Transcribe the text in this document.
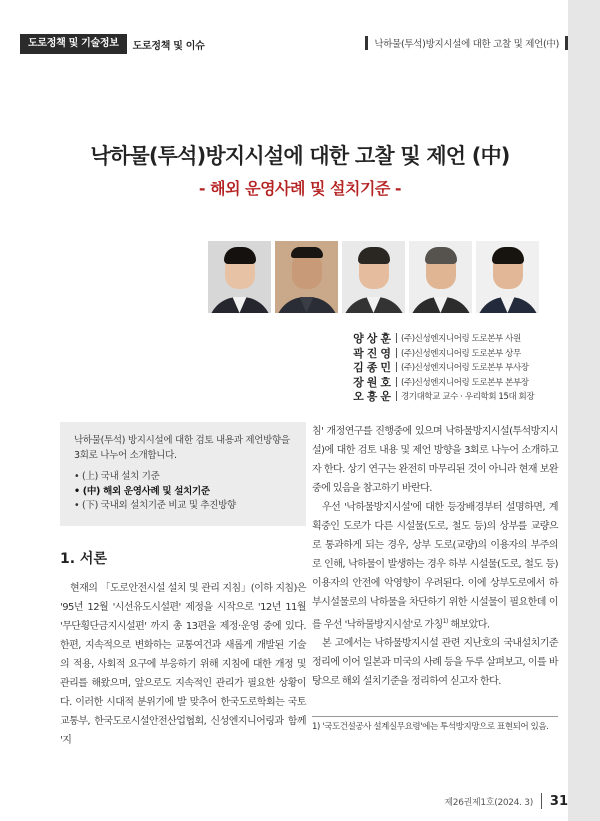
도로정책 및 기술정보	도로정책 및 이슈	낙하물(투석)방지시설에 대한 고찰 및 제언(中)
낙하물(투석)방지시설에 대한 고찰 및 제언 (中)
- 해외 운영사례 및 설치기준 -
양상훈 (주)신성엔지니어링 도로본부 사원
곽진영 (주)신성엔지니어링 도로본부 상무
김종민 (주)신성엔지니어링 도로본부 부사장
장원호 (주)신성엔지니어링 도로본부 본부장
오흥운 경기대학교 교수 · 우리학회 15대 회장

낙하물(투석) 방지시설에 대한 검토 내용과 제언방향을 3회로 나누어 소개합니다.

• (上) 국내 설치 기준
• (中) 해외 운영사례 및 설치기준
• (下) 국내외 설치기준 비교 및 추진방향
1. 서론

현재의 「도로안전시설 설치 및 관리 지침」(이하 지침)은 '95년 12월 '시선유도시설편' 제정을 시작으로 '12년 11월 '무단횡단금지시설편' 까지 총 13편을 제정·운영 중에 있다. 한편, 지속적으로 변화하는 교통여건과 새롭게 개발된 기술의 적용, 사회적 요구에 부응하기 위해 지침에 대한 개정 및 관리를 해왔으며, 앞으로도 지속적인 관리가 필요한 상황이다. 이러한 시대적 분위기에 발 맞추어 한국도로학회는 국토교통부, 한국도로시설안전산업협회, 신성엔지니어링과 함께 '지

침' 개정연구를 진행중에 있으며 낙하물방지시설(투석방지시설)에 대한 검토 내용 및 제언 방향을 3회로 나누어 소개하고자 한다. 상기 연구는 완전히 마무리된 것이 아니라 현재 보완중에 있음을 참고하기 바란다.

우선 '낙하물방지시설'에 대한 등장배경부터 설명하면, 계획중인 도로가 다른 시설물(도로, 철도 등)의 상부를 교량으로 통과하게 되는 경우, 상부 도로(교량)의 이용자의 부주의로 인해, 낙하물이 발생하는 경우 하부 시설물(도로, 철도 등) 이용자의 안전에 악영향이 우려된다. 이에 상부도로에서 하부시설물로의 낙하물을 차단하기 위한 시설물이 필요한데 이를 우선 '낙하물방지시설'로 가칭$^{1)}$ 해보았다.

본 고에서는 낙하물방지시설 관련 지난호의 국내설치기준 정리에 이어 일본과 미국의 사례 등을 두루 살펴보고, 이를 바탕으로 해외 설치기준을 정리하여 싣고자 한다.

1) '국도건설공사 설계실무요령'에는 투석방지망으로 표현되어 있음.

제26권제1호(2024. 3) 31
